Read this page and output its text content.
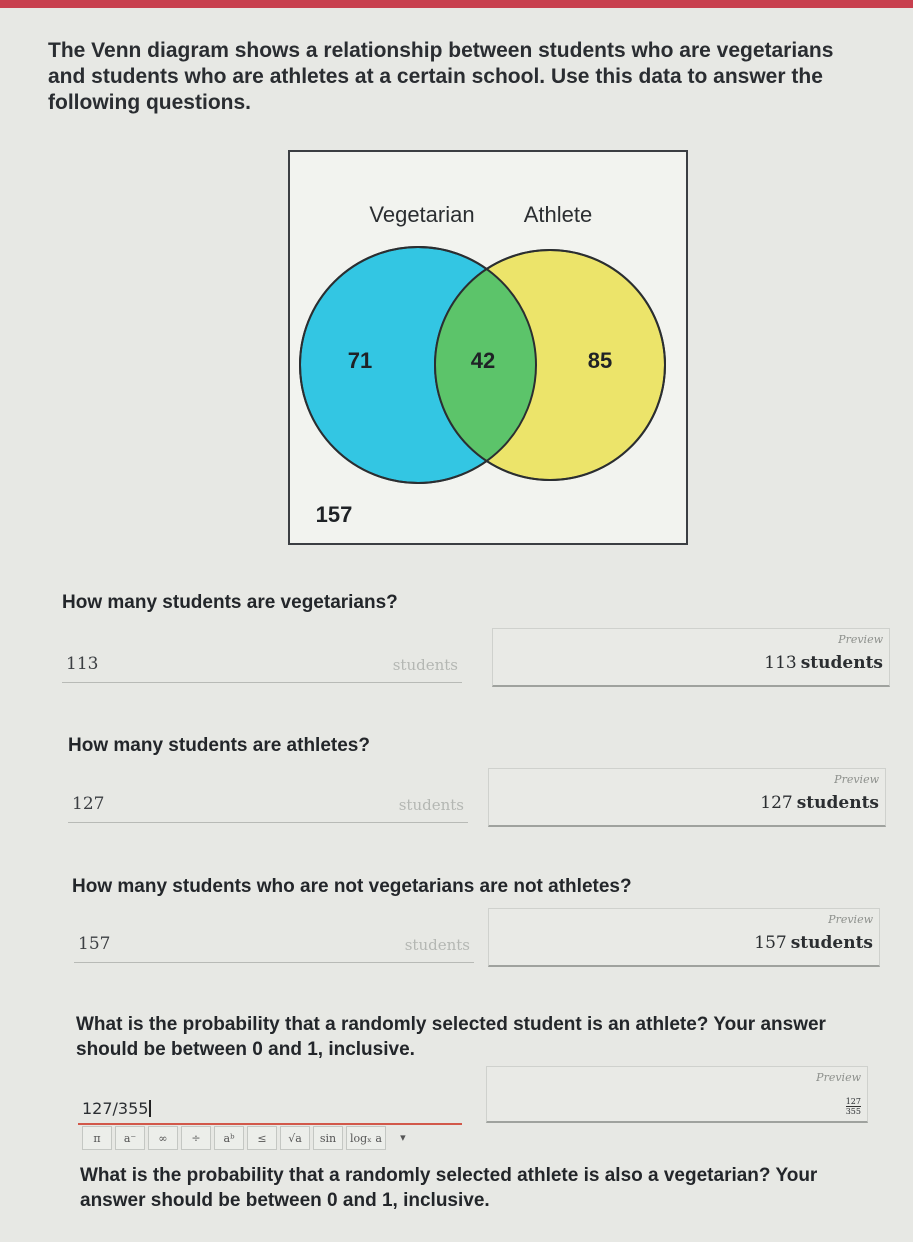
The Venn diagram shows a relationship between students who are vegetarians and students who are athletes at a certain school. Use this data to answer the following questions.
Vegetarian Athlete
71	42	85
157
How many students are vegetarians?
113	students
Preview
113 students
How many students are athletes?
127	students
Preview
127 students
How many students who are not vegetarians are not athletes?
157	students
Preview
157 students
What is the probability that a randomly selected student is an athlete? Your answer should be between 0 and 1, inclusive.
127/355
Preview
$\frac{127}{355}$
π	a⁻	∞	÷	aᵇ	≤	√a	sin	logₓ a	▾
What is the probability that a randomly selected athlete is also a vegetarian? Your answer should be between 0 and 1, inclusive.
